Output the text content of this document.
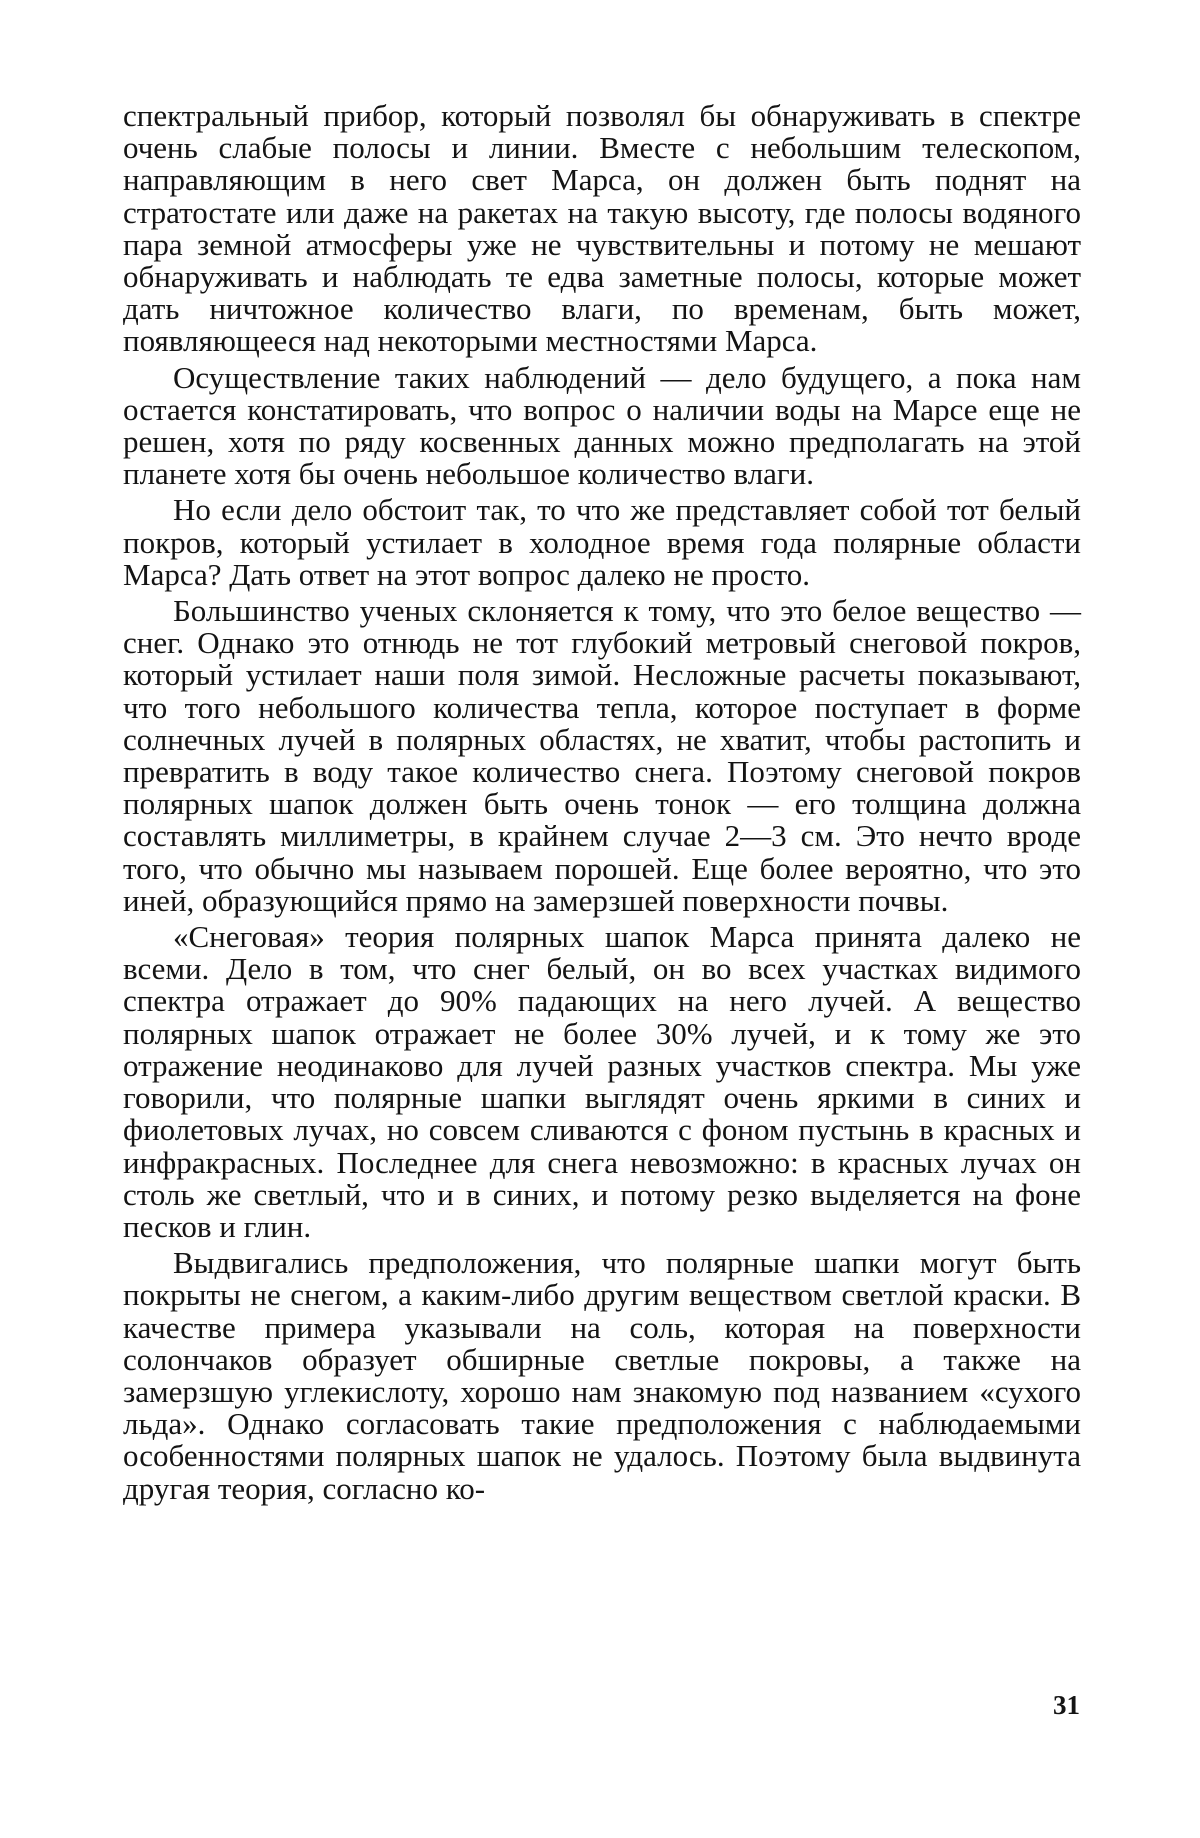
спектральный прибор, который позволял бы обнаруживать в спектре очень слабые полосы и линии. Вместе с небольшим телескопом, направляющим в него свет Марса, он должен быть поднят на стратостате или даже на ракетах на такую высоту, где полосы водяного пара земной атмосферы уже не чувствительны и потому не мешают обнаруживать и наблюдать те едва заметные полосы, которые может дать ничтожное количество влаги, по временам, быть может, появляющееся над некоторыми местностями Марса.

Осуществление таких наблюдений — дело будущего, а пока нам остается констатировать, что вопрос о наличии воды на Марсе еще не решен, хотя по ряду косвенных данных можно предполагать на этой планете хотя бы очень небольшое количество влаги.

Но если дело обстоит так, то что же представляет собой тот белый покров, который устилает в холодное время года полярные области Марса? Дать ответ на этот вопрос далеко не просто.

Большинство ученых склоняется к тому, что это белое вещество — снег. Однако это отнюдь не тот глубокий метровый снеговой покров, который устилает наши поля зимой. Несложные расчеты показывают, что того небольшого количества тепла, которое поступает в форме солнечных лучей в полярных областях, не хватит, чтобы растопить и превратить в воду такое количество снега. Поэтому снеговой покров полярных шапок должен быть очень тонок — его толщина должна составлять миллиметры, в крайнем случае 2—3 см. Это нечто вроде того, что обычно мы называем порошей. Еще более вероятно, что это иней, образующийся прямо на замерзшей поверхности почвы.

«Снеговая» теория полярных шапок Марса принята далеко не всеми. Дело в том, что снег белый, он во всех участках видимого спектра отражает до 90% падающих на него лучей. А вещество полярных шапок отражает не более 30% лучей, и к тому же это отражение неодинаково для лучей разных участков спектра. Мы уже говорили, что полярные шапки выглядят очень яркими в синих и фиолетовых лучах, но совсем сливаются с фоном пустынь в красных и инфракрасных. Последнее для снега невозможно: в красных лучах он столь же светлый, что и в синих, и потому резко выделяется на фоне песков и глин.

Выдвигались предположения, что полярные шапки могут быть покрыты не снегом, а каким-либо другим веществом светлой краски. В качестве примера указывали на соль, которая на поверхности солончаков образует обширные светлые покровы, а также на замерзшую углекислоту, хорошо нам знакомую под названием «сухого льда». Однако согласовать такие предположения с наблюдаемыми особенностями полярных шапок не удалось. Поэтому была выдвинута другая теория, согласно ко-

31
